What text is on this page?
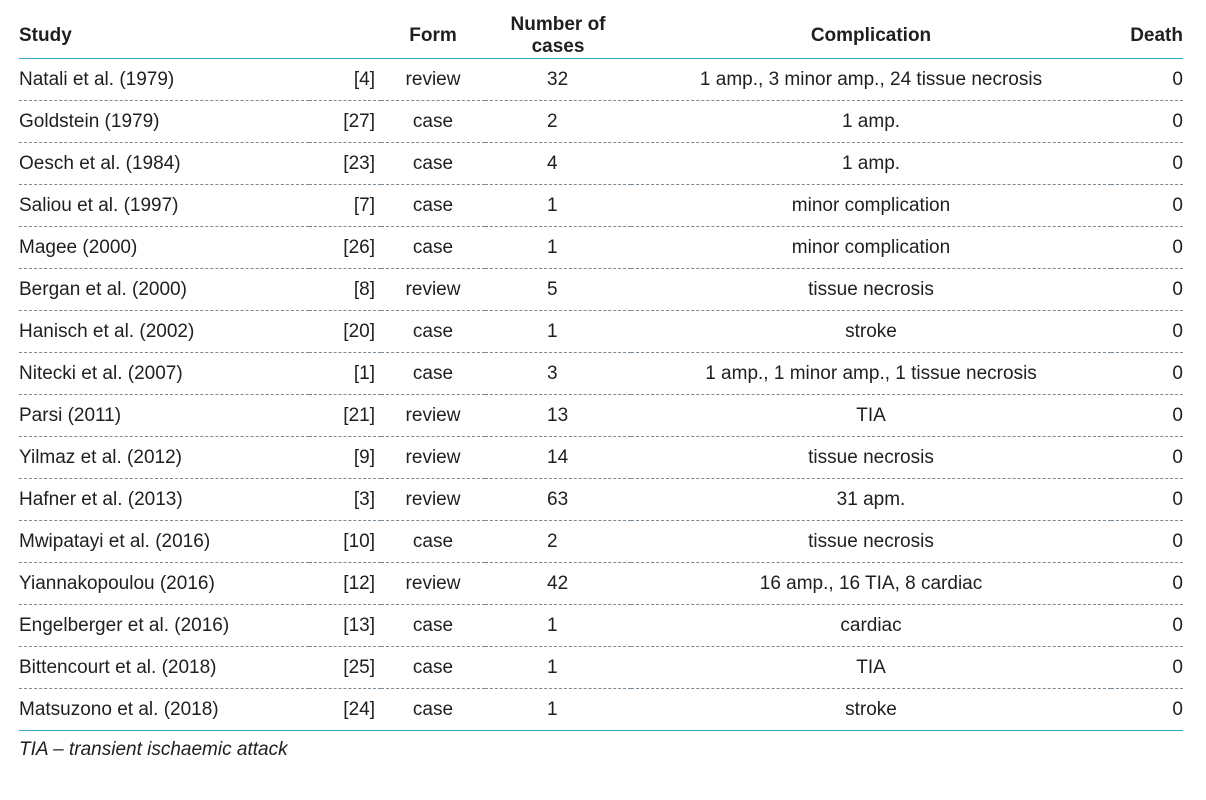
Study		Form	Number of cases	Complication	Death
Natali et al. (1979)	[4]	review	32	1 amp., 3 minor amp., 24 tissue necrosis	0
Goldstein (1979)	[27]	case	2	1 amp.	0
Oesch et al. (1984)	[23]	case	4	1 amp.	0
Saliou et al. (1997)	[7]	case	1	minor complication	0
Magee (2000)	[26]	case	1	minor complication	0
Bergan et al. (2000)	[8]	review	5	tissue necrosis	0
Hanisch et al. (2002)	[20]	case	1	stroke	0
Nitecki et al. (2007)	[1]	case	3	1 amp., 1 minor amp., 1 tissue necrosis	0
Parsi (2011)	[21]	review	13	TIA	0
Yilmaz et al. (2012)	[9]	review	14	tissue necrosis	0
Hafner et al. (2013)	[3]	review	63	31 apm.	0
Mwipatayi et al. (2016)	[10]	case	2	tissue necrosis	0
Yiannakopoulou (2016)	[12]	review	42	16 amp., 16 TIA, 8 cardiac	0
Engelberger et al. (2016)	[13]	case	1	cardiac	0
Bittencourt et al. (2018)	[25]	case	1	TIA	0
Matsuzono et al. (2018)	[24]	case	1	stroke	0
TIA – transient ischaemic attack
